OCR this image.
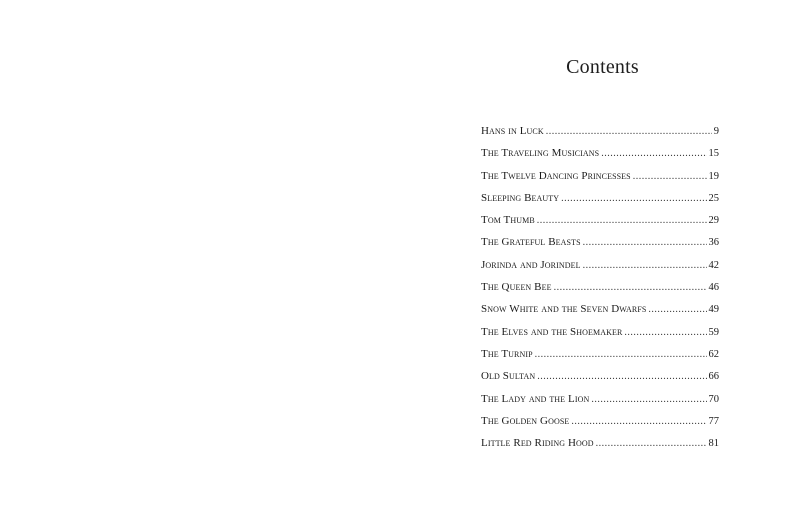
Contents
Hans in Luck .....	9
The Traveling Musicians .....	15
The Twelve Dancing Princesses .....	19
Sleeping Beauty .....	25
Tom Thumb .....	29
The Grateful Beasts .....	36
Jorinda and Jorindel .....	42
The Queen Bee .....	46
Snow White and the Seven Dwarfs .....	49
The Elves and the Shoemaker .....	59
The Turnip .....	62
Old Sultan .....	66
The Lady and the Lion .....	70
The Golden Goose .....	77
Little Red Riding Hood .....	81
